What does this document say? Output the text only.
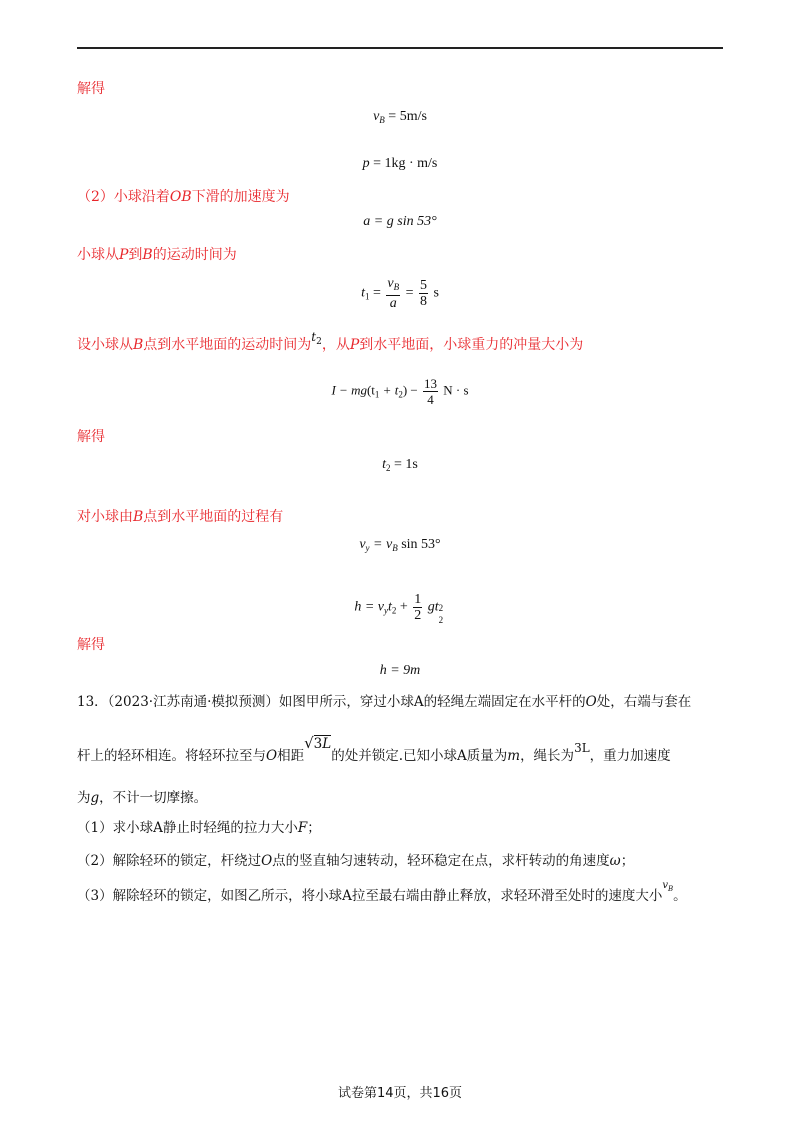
解得
$v_B = 5m/s$
p = 1kg · m/s
（2）小球沿着OB下滑的加速度为
a = g sin 53°
小球从P到B的运动时间为
$t_1 = \frac{v_B}{a} = \frac{5}{8}$ s
设小球从B点到水平地面的运动时间为$t_2$，从P到水平地面，小球重力的冲量大小为
$I - mg(t_1 + t_2) - \frac{13}{4}$ N · s
解得
$t_2 = 1s$
对小球由B点到水平地面的过程有
$v_y = v_B$ sin 53°
$h = v_yt_2 + \frac{1}{2}$ gt 2
2
解得
h = 9m
13．（2023·江苏南通·模拟预测）如图甲所示，穿过小球A的轻绳左端固定在水平杆的O处，右端与套在
杆上的轻环相连。将轻环拉至与O相距√3L的处并锁定.已知小球A质量为m，绳长为3L，重力加速度
为g，不计一切摩擦。
（1）求小球A静止时轻绳的拉力大小F；
（2）解除轻环的锁定，杆绕过O点的竖直轴匀速转动，轻环稳定在点，求杆转动的角速度ω；
（3）解除轻环的锁定，如图乙所示，将小球A拉至最右端由静止释放，求轻环滑至处时的速度大小$^{v_B}$。
试卷第14页，共16页
